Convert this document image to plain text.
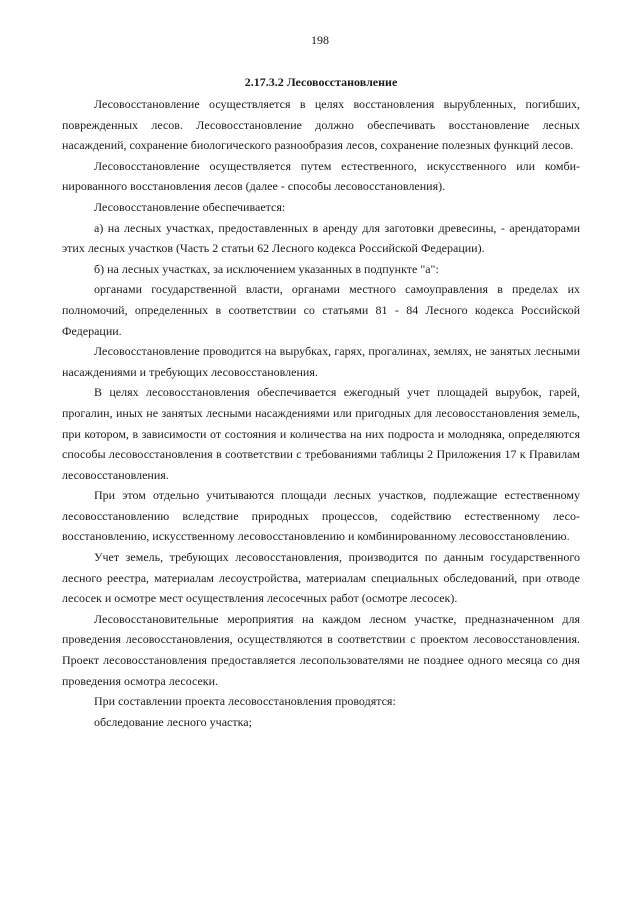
198
2.17.3.2 Лесовосстановление

Лесовосстановление осуществляется в целях восстановления вырубленных, погибших, поврежденных лесов. Лесовосстановление должно обеспечивать восстановление лесных насаждений, сохранение биологического разнообразия лесов, сохранение полезных функций лесов.

Лесовосстановление осуществляется путем естественного, искусственного или комбинированного восстановления лесов (далее - способы лесовосстановления).

Лесовосстановление обеспечивается:

а) на лесных участках, предоставленных в аренду для заготовки древесины, - арендаторами этих лесных участков (Часть 2 статьи 62 Лесного кодекса Российской Федерации).

б) на лесных участках, за исключением указанных в подпункте "а":

органами государственной власти, органами местного самоуправления в пределах их полномочий, определенных в соответствии со статьями 81 - 84 Лесного кодекса Российской Федерации.

Лесовосстановление проводится на вырубках, гарях, прогалинах, землях, не занятых лесными насаждениями и требующих лесовосстановления.

В целях лесовосстановления обеспечивается ежегодный учет площадей вырубок, гарей, прогалин, иных не занятых лесными насаждениями или пригодных для лесовосстановления земель, при котором, в зависимости от состояния и количества на них подроста и молодняка, определяются способы лесовосстановления в соответствии с требованиями таблицы 2 Приложения 17 к Правилам лесовосстановления.

При этом отдельно учитываются площади лесных участков, подлежащие естественному лесовосстановлению вследствие природных процессов, содействию естественному лесовосстановлению, искусственному лесовосстановлению и комбинированному лесовосстановлению.

Учет земель, требующих лесовосстановления, производится по данным государственного лесного реестра, материалам лесоустройства, материалам специальных обследований, при отводе лесосек и осмотре мест осуществления лесосечных работ (осмотре лесосек).

Лесовосстановительные мероприятия на каждом лесном участке, предназначенном для проведения лесовосстановления, осуществляются в соответствии с проектом лесовосстановления. Проект лесовосстановления предоставляется лесопользователями не позднее одного месяца со дня проведения осмотра лесосеки.

При составлении проекта лесовосстановления проводятся:

обследование лесного участка;
